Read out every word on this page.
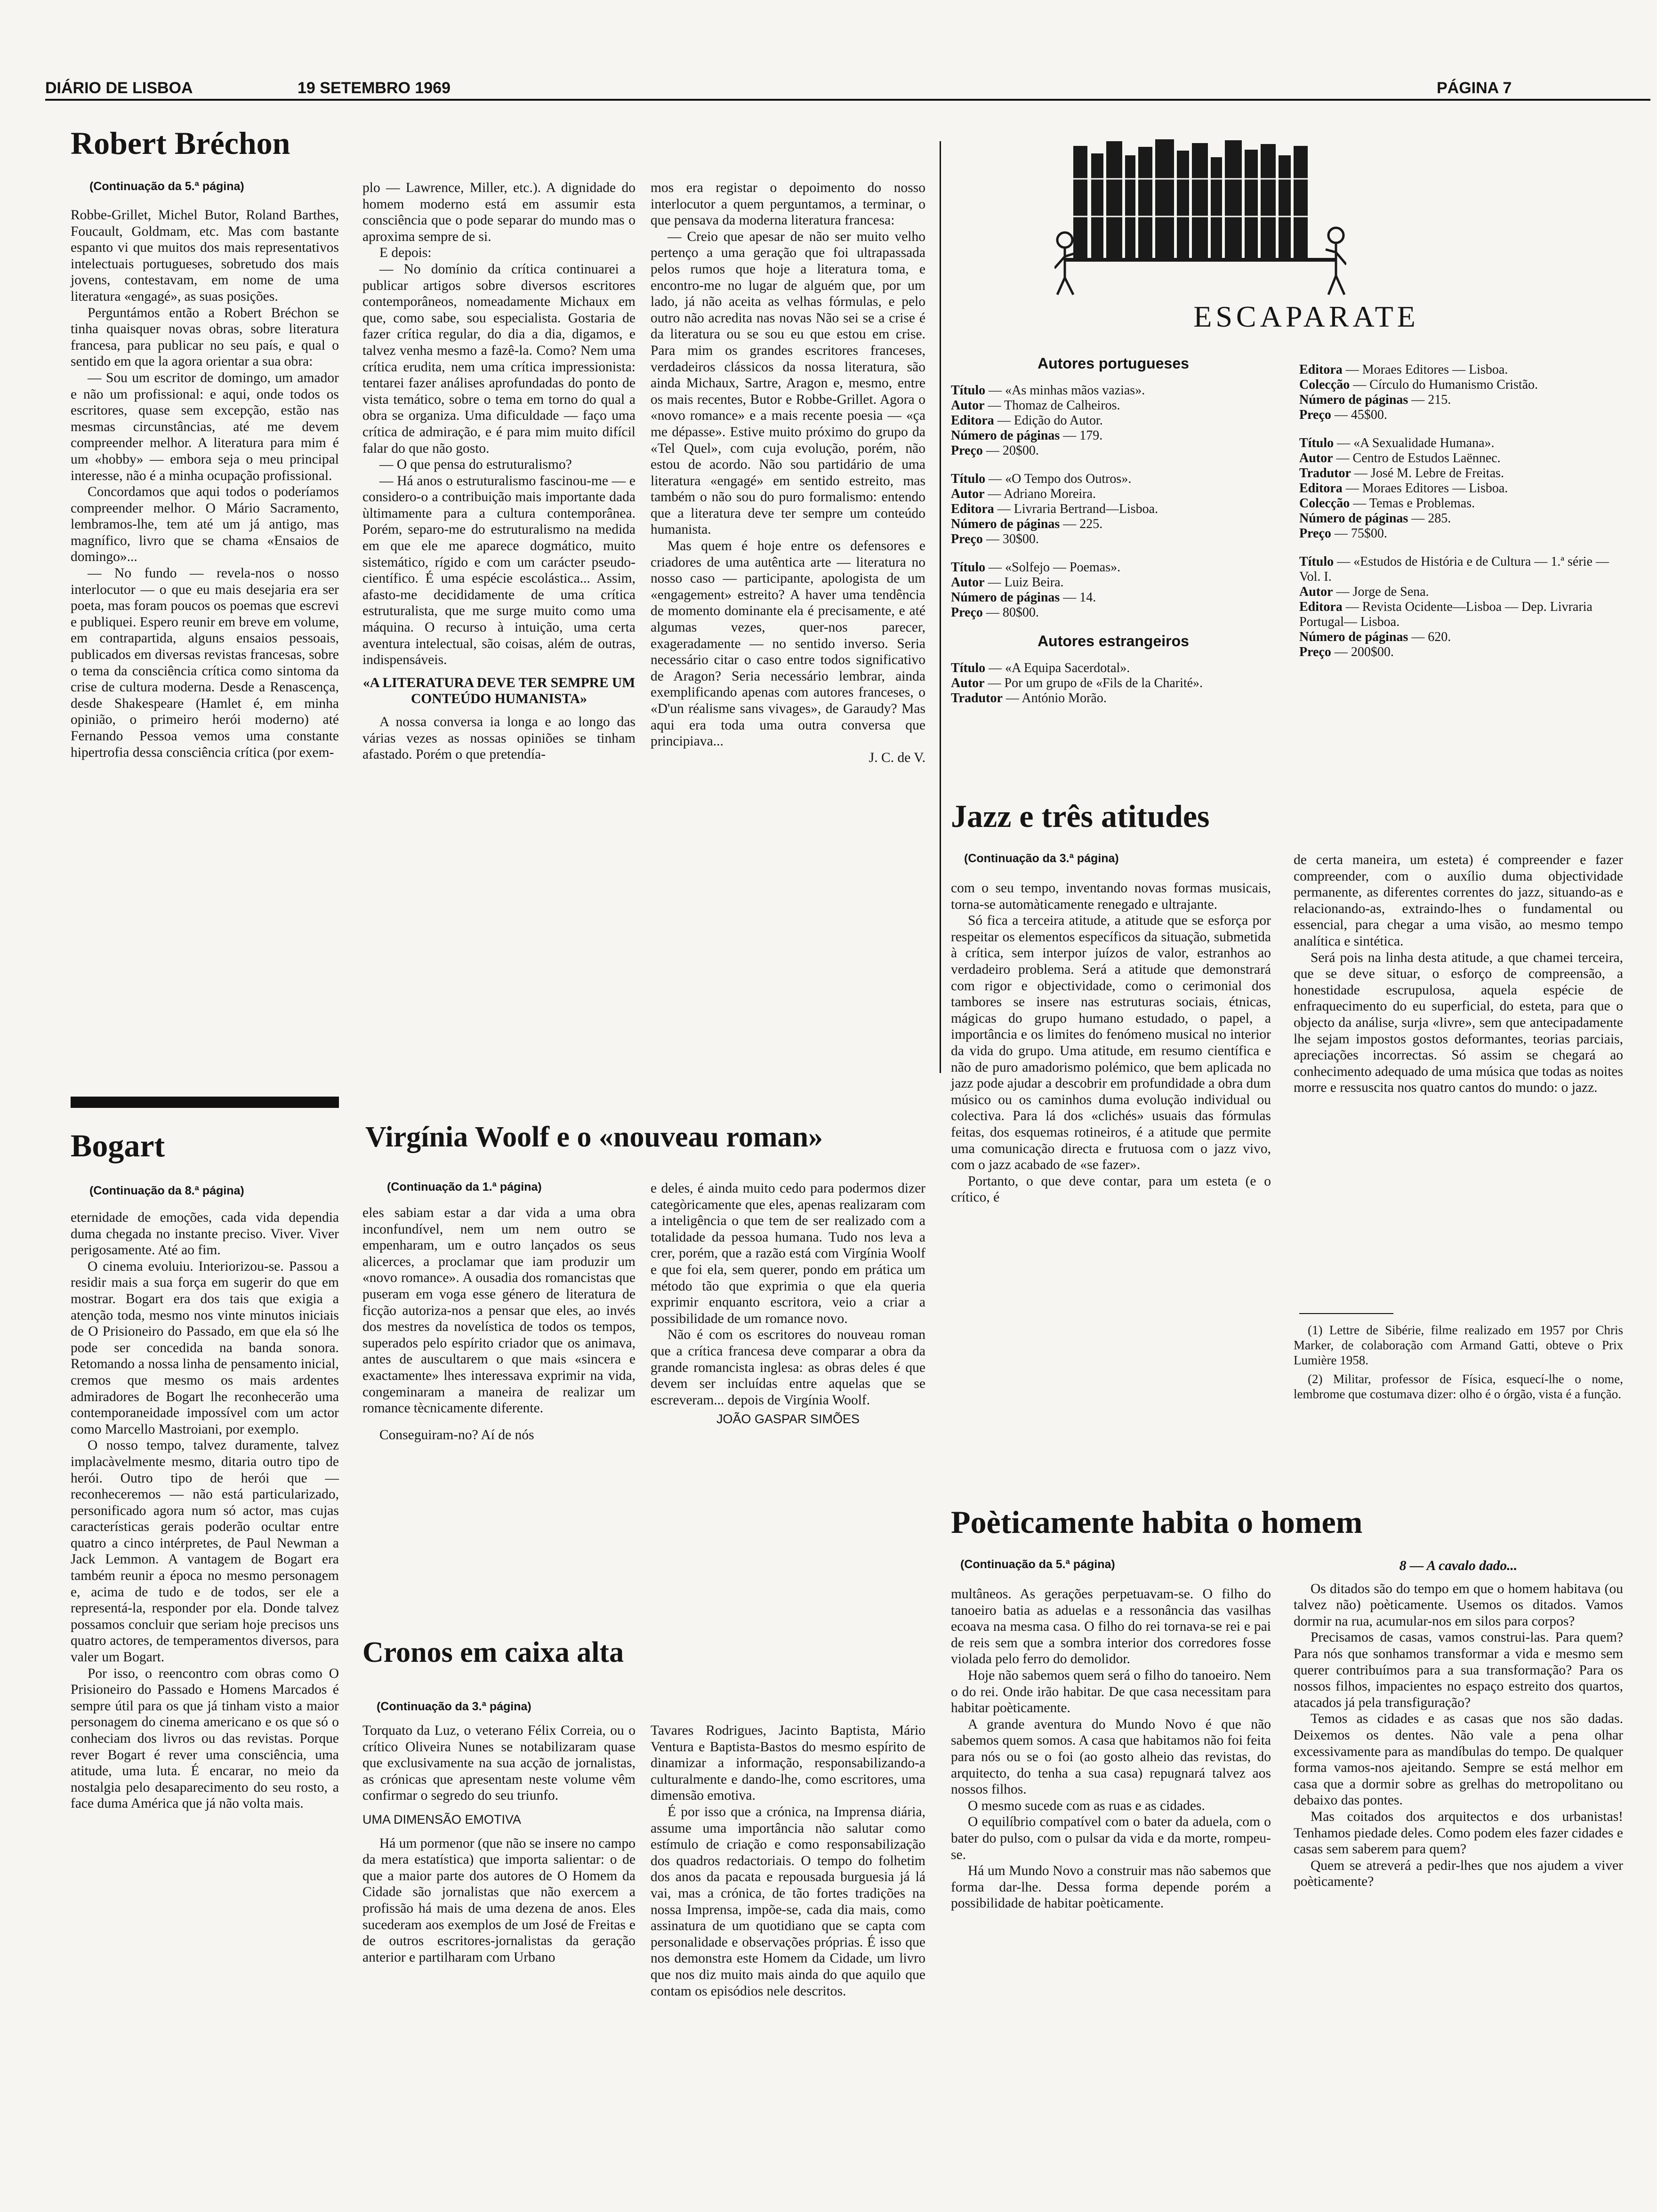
DIÁRIO DE LISBOA	19 SETEMBRO 1969	PÁGINA 7
Robert Bréchon
(Continuação da 5.ª página)

Robbe-Grillet, Michel Butor, Roland Barthes, Foucault, Goldmam, etc. Mas com bastante espanto vi que muitos dos mais representativos intelectuais portugueses, sobretudo dos mais jovens, contestavam, em nome de uma literatura «engagé», as suas posições.

Perguntámos então a Robert Bréchon se tinha quaisquer novas obras, sobre literatura francesa, para publicar no seu país, e qual o sentido em que la agora orientar a sua obra:

— Sou um escritor de domingo, um amador e não um profissional: e aqui, onde todos os escritores, quase sem excepção, estão nas mesmas circunstâncias, até me devem compreender melhor. A literatura para mim é um «hobby» — embora seja o meu principal interesse, não é a minha ocupação profissional.

Concordamos que aqui todos o poderíamos compreender melhor. O Mário Sacramento, lembramos-lhe, tem até um já antigo, mas magnífico, livro que se chama «Ensaios de domingo»...

— No fundo — revela-nos o nosso interlocutor — o que eu mais desejaria era ser poeta, mas foram poucos os poemas que escrevi e publiquei. Espero reunir em breve em volume, em contrapartida, alguns ensaios pessoais, publicados em diversas revistas francesas, sobre o tema da consciência crítica como sintoma da crise de cultura moderna. Desde a Renascença, desde Shakespeare (Hamlet é, em minha opinião, o primeiro herói moderno) até Fernando Pessoa vemos uma constante hipertrofia dessa consciência crítica (por exem-

plo — Lawrence, Miller, etc.). A dignidade do homem moderno está em assumir esta consciência que o pode separar do mundo mas o aproxima sempre de si.

E depois:

— No domínio da crítica continuarei a publicar artigos sobre diversos escritores contemporâneos, nomeadamente Michaux em que, como sabe, sou especialista. Gostaria de fazer crítica regular, do dia a dia, digamos, e talvez venha mesmo a fazê-la. Como? Nem uma crítica erudita, nem uma crítica impressionista: tentarei fazer análises aprofundadas do ponto de vista temático, sobre o tema em torno do qual a obra se organiza. Uma dificuldade — faço uma crítica de admiração, e é para mim muito difícil falar do que não gosto.

— O que pensa do estruturalismo?

— Há anos o estruturalismo fascinou-me — e considero-o a contribuição mais importante dada ùltimamente para a cultura contemporânea. Porém, separo-me do estruturalismo na medida em que ele me aparece dogmático, muito sistemático, rígido e com um carácter pseudo-científico. É uma espécie escolástica... Assim, afasto-me decididamente de uma crítica estruturalista, que me surge muito como uma máquina. O recurso à intuição, uma certa aventura intelectual, são coisas, além de outras, indispensáveis.

«A LITERATURA DEVE TER SEMPRE UM CONTEÚDO HUMANISTA»

A nossa conversa ia longa e ao longo das várias vezes as nossas opiniões se tinham afastado. Porém o que pretendía-

mos era registar o depoimento do nosso interlocutor a quem perguntamos, a terminar, o que pensava da moderna literatura francesa:

— Creio que apesar de não ser muito velho pertenço a uma geração que foi ultrapassada pelos rumos que hoje a literatura toma, e encontro-me no lugar de alguém que, por um lado, já não aceita as velhas fórmulas, e pelo outro não acredita nas novas Não sei se a crise é da literatura ou se sou eu que estou em crise. Para mim os grandes escritores franceses, verdadeiros clássicos da nossa literatura, são ainda Michaux, Sartre, Aragon e, mesmo, entre os mais recentes, Butor e Robbe-Grillet. Agora o «novo romance» e a mais recente poesia — «ça me dépasse». Estive muito próximo do grupo da «Tel Quel», com cuja evolução, porém, não estou de acordo. Não sou partidário de uma literatura «engagé» em sentido estreito, mas também o não sou do puro formalismo: entendo que a literatura deve ter sempre um conteúdo humanista.

Mas quem é hoje entre os defensores e criadores de uma autêntica arte — literatura no nosso caso — participante, apologista de um «engagement» estreito? A haver uma tendência de momento dominante ela é precisamente, e até algumas vezes, quer-nos parecer, exageradamente — no sentido inverso. Seria necessário citar o caso entre todos significativo de Aragon? Seria necessário lembrar, ainda exemplificando apenas com autores franceses, o «D'un réalisme sans vivages», de Garaudy? Mas aqui era toda uma outra conversa que principiava...

J. C. de V.

ESCAPARATE
Autores portugueses
Título — «As minhas mãos vazias».
Autor — Thomaz de Calheiros.
Editora — Edição do Autor.
Número de páginas — 179.
Preço — 20$00.
Título — «O Tempo dos Outros».
Autor — Adriano Moreira.
Editora — Livraria Bertrand—Lisboa.
Número de páginas — 225.
Preço — 30$00.
Título — «Solfejo — Poemas».
Autor — Luiz Beira.
Número de páginas — 14.
Preço — 80$00.
Autores estrangeiros
Título — «A Equipa Sacerdotal».
Autor — Por um grupo de «Fils de la Charité».
Tradutor — António Morão.
Editora — Moraes Editores — Lisboa.
Colecção — Círculo do Humanismo Cristão.
Número de páginas — 215.
Preço — 45$00.
Título — «A Sexualidade Humana».
Autor — Centro de Estudos Laënnec.
Tradutor — José M. Lebre de Freitas.
Editora — Moraes Editores — Lisboa.
Colecção — Temas e Problemas.
Número de páginas — 285.
Preço — 75$00.
Título — «Estudos de História e de Cultura — 1.ª série — Vol. I.
Autor — Jorge de Sena.
Editora — Revista Ocidente—Lisboa — Dep. Livraria Portugal— Lisboa.
Número de páginas — 620.
Preço — 200$00.
Jazz e três atitudes
(Continuação da 3.ª página)

com o seu tempo, inventando novas formas musicais, torna-se automàticamente renegado e ultrajante.

Só fica a terceira atitude, a atitude que se esforça por respeitar os elementos específicos da situação, submetida à crítica, sem interpor juízos de valor, estranhos ao verdadeiro problema. Será a atitude que demonstrará com rigor e objectividade, como o cerimonial dos tambores se insere nas estruturas sociais, étnicas, mágicas do grupo humano estudado, o papel, a importância e os limites do fenómeno musical no interior da vida do grupo. Uma atitude, em resumo científica e não de puro amadorismo polémico, que bem aplicada no jazz pode ajudar a descobrir em profundidade a obra dum músico ou os caminhos duma evolução individual ou colectiva. Para lá dos «clichés» usuais das fórmulas feitas, dos esquemas rotineiros, é a atitude que permite uma comunicação directa e frutuosa com o jazz vivo, com o jazz acabado de «se fazer».

Portanto, o que deve contar, para um esteta (e o crítico, é

de certa maneira, um esteta) é compreender e fazer compreender, com o auxílio duma objectividade permanente, as diferentes correntes do jazz, situando-as e relacionando-as, extraindo-lhes o fundamental ou essencial, para chegar a uma visão, ao mesmo tempo analítica e sintética.

Será pois na linha desta atitude, a que chamei terceira, que se deve situar, o esforço de compreensão, a honestidade escrupulosa, aquela espécie de enfraquecimento do eu superficial, do esteta, para que o objecto da análise, surja «livre», sem que antecipadamente lhe sejam impostos gostos deformantes, teorias parciais, apreciações incorrectas. Só assim se chegará ao conhecimento adequado de uma música que todas as noites morre e ressuscita nos quatro cantos do mundo: o jazz.

(1) Lettre de Sibérie, filme realizado em 1957 por Chris Marker, de colaboração com Armand Gatti, obteve o Prix Lumière 1958.

(2) Militar, professor de Física, esquecí-lhe o nome, lembrome que costumava dizer: olho é o órgão, vista é a função.

Bogart
(Continuação da 8.ª página)

eternidade de emoções, cada vida dependia duma chegada no instante preciso. Viver. Viver perigosamente. Até ao fim.

O cinema evoluiu. Interiorizou-se. Passou a residir mais a sua força em sugerir do que em mostrar. Bogart era dos tais que exigia a atenção toda, mesmo nos vinte minutos iniciais de O Prisioneiro do Passado, em que ela só lhe pode ser concedida na banda sonora. Retomando a nossa linha de pensamento inicial, cremos que mesmo os mais ardentes admiradores de Bogart lhe reconhecerão uma contemporaneidade impossível com um actor como Marcello Mastroiani, por exemplo.

O nosso tempo, talvez duramente, talvez implacàvelmente mesmo, ditaria outro tipo de herói. Outro tipo de herói que — reconheceremos — não está particularizado, personificado agora num só actor, mas cujas características gerais poderão ocultar entre quatro a cinco intérpretes, de Paul Newman a Jack Lemmon. A vantagem de Bogart era também reunir a época no mesmo personagem e, acima de tudo e de todos, ser ele a representá-la, responder por ela. Donde talvez possamos concluir que seriam hoje precisos uns quatro actores, de temperamentos diversos, para valer um Bogart.

Por isso, o reencontro com obras como O Prisioneiro do Passado e Homens Marcados é sempre útil para os que já tinham visto a maior personagem do cinema americano e os que só o conheciam dos livros ou das revistas. Porque rever Bogart é rever uma consciência, uma atitude, uma luta. É encarar, no meio da nostalgia pelo desaparecimento do seu rosto, a face duma América que já não volta mais.

Virgínia Woolf e o «nouveau roman»
(Continuação da 1.ª página)

eles sabiam estar a dar vida a uma obra inconfundível, nem um nem outro se empenharam, um e outro lançados os seus alicerces, a proclamar que iam produzir um «novo romance». A ousadia dos romancistas que puseram em voga esse género de literatura de ficção autoriza-nos a pensar que eles, ao invés dos mestres da novelística de todos os tempos, superados pelo espírito criador que os animava, antes de auscultarem o que mais «sincera e exactamente» lhes interessava exprimir na vida, congeminaram a maneira de realizar um romance tècnicamente diferente.

Conseguiram-no? Aí de nós

e deles, é ainda muito cedo para podermos dizer categòricamente que eles, apenas realizaram com a inteligência o que tem de ser realizado com a totalidade da pessoa humana. Tudo nos leva a crer, porém, que a razão está com Virgínia Woolf e que foi ela, sem querer, pondo em prática um método tão que exprimia o que ela queria exprimir enquanto escritora, veio a criar a possibilidade de um romance novo.

Não é com os escritores do nouveau roman que a crítica francesa deve comparar a obra da grande romancista inglesa: as obras deles é que devem ser incluídas entre aquelas que se escreveram... depois de Virgínia Woolf.

JOÃO GASPAR SIMÕES

Cronos em caixa alta
(Continuação da 3.ª página)

Torquato da Luz, o veterano Félix Correia, ou o crítico Oliveira Nunes se notabilizaram quase que exclusivamente na sua acção de jornalistas, as crónicas que apresentam neste volume vêm confirmar o segredo do seu triunfo.

UMA DIMENSÃO EMOTIVA

Há um pormenor (que não se insere no campo da mera estatística) que importa salientar: o de que a maior parte dos autores de O Homem da Cidade são jornalistas que não exercem a profissão há mais de uma dezena de anos. Eles sucederam aos exemplos de um José de Freitas e de outros escritores-jornalistas da geração anterior e partilharam com Urbano

Tavares Rodrigues, Jacinto Baptista, Mário Ventura e Baptista-Bastos do mesmo espírito de dinamizar a informação, responsabilizando-a culturalmente e dando-lhe, como escritores, uma dimensão emotiva.

É por isso que a crónica, na Imprensa diária, assume uma importância não salutar como estímulo de criação e como responsabilização dos quadros redactoriais. O tempo do folhetim dos anos da pacata e repousada burguesia já lá vai, mas a crónica, de tão fortes tradições na nossa Imprensa, impõe-se, cada dia mais, como assinatura de um quotidiano que se capta com personalidade e observações próprias. É isso que nos demonstra este Homem da Cidade, um livro que nos diz muito mais ainda do que aquilo que contam os episódios nele descritos.

Poèticamente habita o homem
(Continuação da 5.ª página)

multâneos. As gerações perpetuavam-se. O filho do tanoeiro batia as aduelas e a ressonância das vasilhas ecoava na mesma casa. O filho do rei tornava-se rei e pai de reis sem que a sombra interior dos corredores fosse violada pelo ferro do demolidor.

Hoje não sabemos quem será o filho do tanoeiro. Nem o do rei. Onde irão habitar. De que casa necessitam para habitar poèticamente.

A grande aventura do Mundo Novo é que não sabemos quem somos. A casa que habitamos não foi feita para nós ou se o foi (ao gosto alheio das revistas, do arquitecto, do tenha a sua casa) repugnará talvez aos nossos filhos.

O mesmo sucede com as ruas e as cidades.

O equilíbrio compatível com o bater da aduela, com o bater do pulso, com o pulsar da vida e da morte, rompeu-se.

Há um Mundo Novo a construir mas não sabemos que forma dar-lhe. Dessa forma depende porém a possibilidade de habitar poèticamente.

8 — A cavalo dado...

Os ditados são do tempo em que o homem habitava (ou talvez não) poèticamente. Usemos os ditados. Vamos dormir na rua, acumular-nos em silos para corpos?

Precisamos de casas, vamos construi-las. Para quem? Para nós que sonhamos transformar a vida e mesmo sem querer contribuímos para a sua transformação? Para os nossos filhos, impacientes no espaço estreito dos quartos, atacados já pela transfiguração?

Temos as cidades e as casas que nos são dadas. Deixemos os dentes. Não vale a pena olhar excessivamente para as mandíbulas do tempo. De qualquer forma vamos-nos ajeitando. Sempre se está melhor em casa que a dormir sobre as grelhas do metropolitano ou debaixo das pontes.

Mas coitados dos arquitectos e dos urbanistas! Tenhamos piedade deles. Como podem eles fazer cidades e casas sem saberem para quem?

Quem se atreverá a pedir-lhes que nos ajudem a viver poèticamente?
